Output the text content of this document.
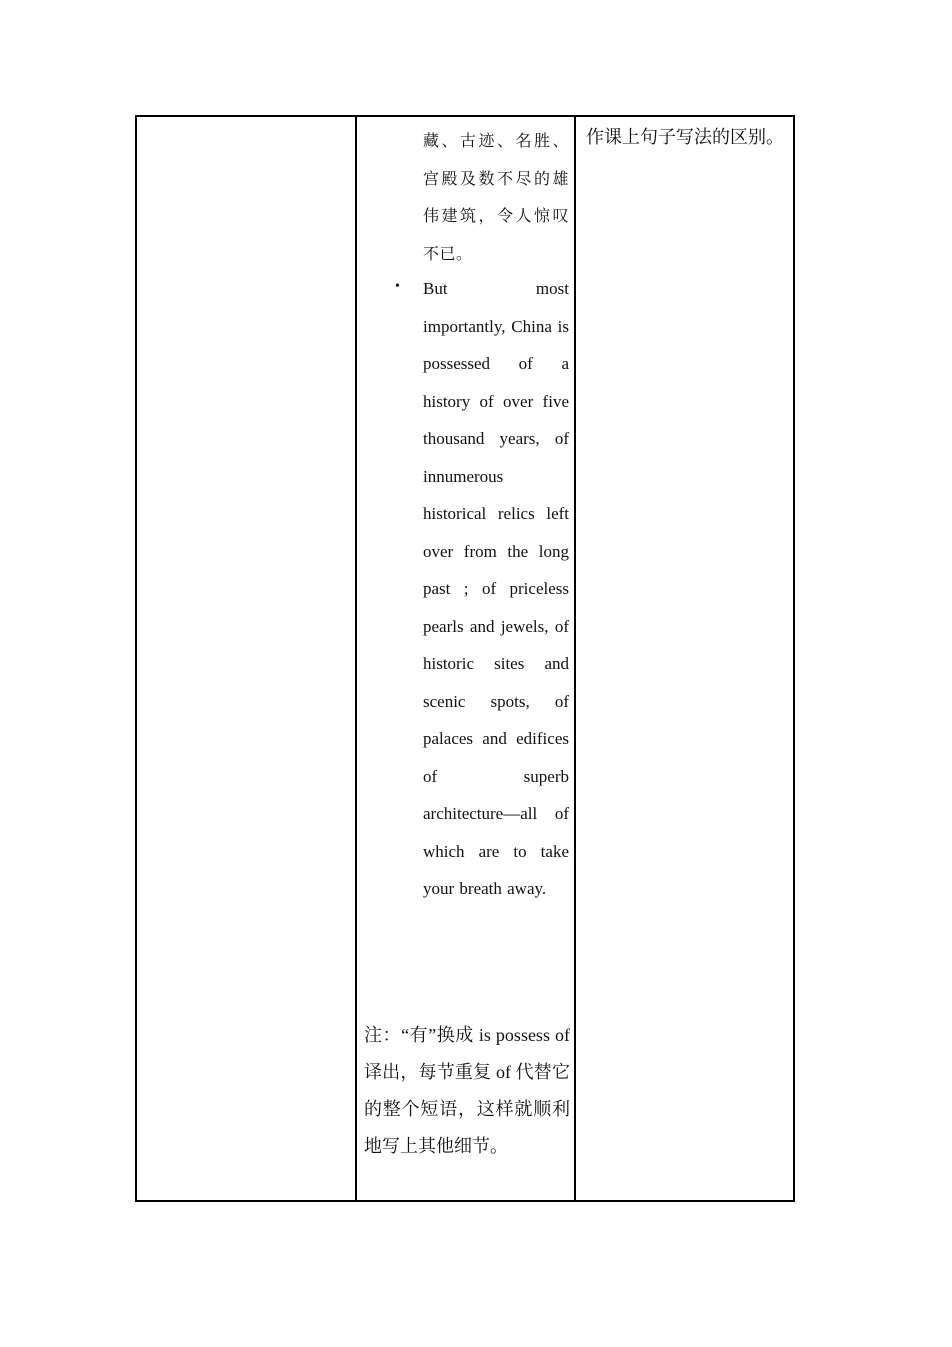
藏、古迹、名胜、宫殿及数不尽的雄伟建筑，令人惊叹不已。
• But most importantly, China is possessed of a history of over five thousand years, of innumerous historical relics left over from the long past ; of priceless pearls and jewels, of historic sites and scenic spots, of palaces and edifices of superb architecture—all of which are to take your breath away.
注：“有”换成 is possess of 译出，每节重复 of 代替它的整个短语，这样就顺利地写上其他细节。
作课上句子写法的区别。
